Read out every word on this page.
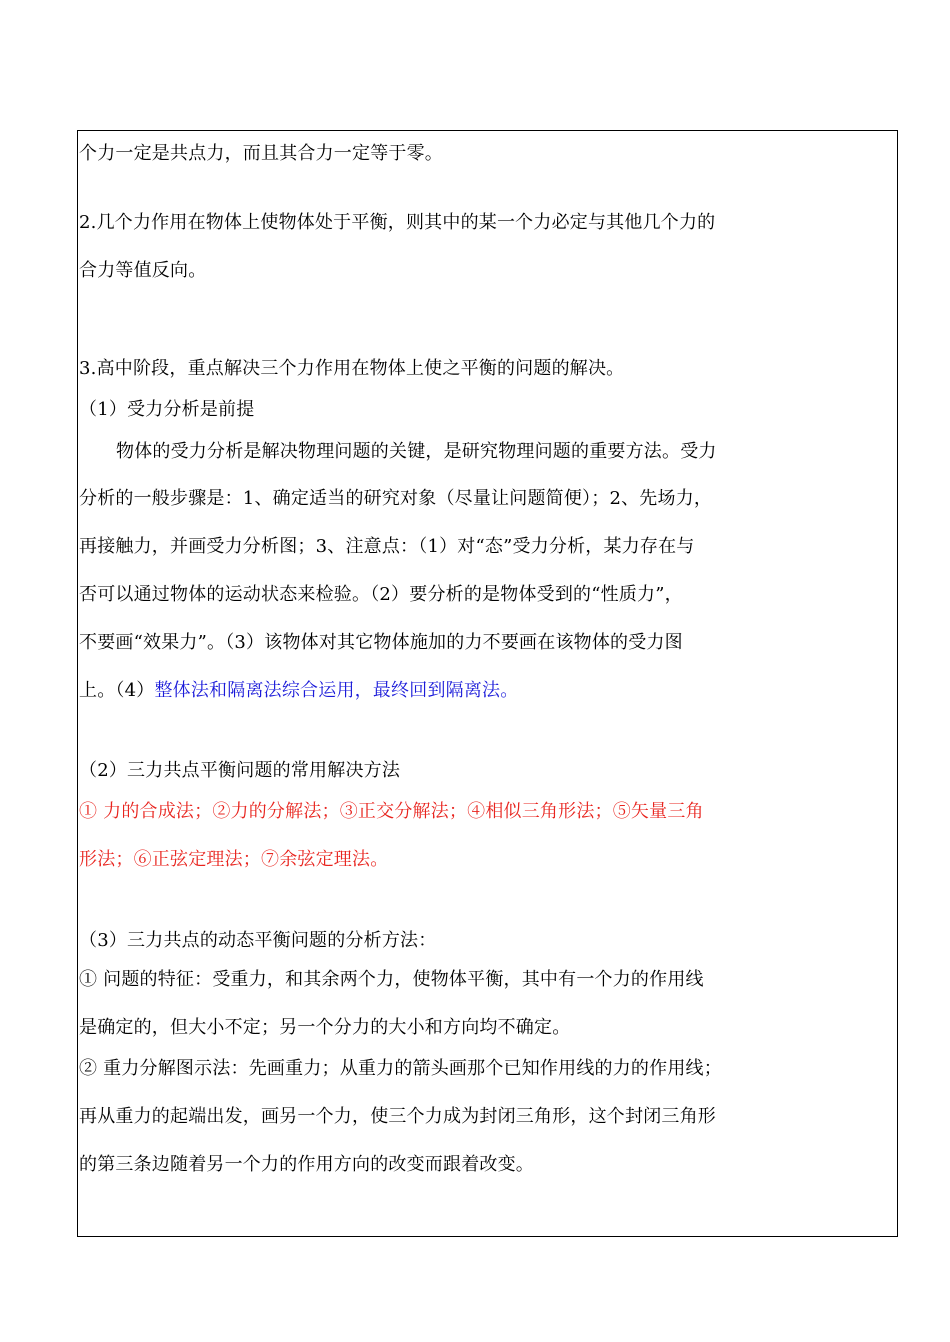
个力一定是共点力，而且其合力一定等于零。
2.几个力作用在物体上使物体处于平衡，则其中的某一个力必定与其他几个力的
合力等值反向。
3.高中阶段，重点解决三个力作用在物体上使之平衡的问题的解决。
（1）受力分析是前提
物体的受力分析是解决物理问题的关键，是研究物理问题的重要方法。受力
分析的一般步骤是：1、确定适当的研究对象（尽量让问题简便）；2、先场力，
再接触力，并画受力分析图；3、注意点：（1）对“态”受力分析，某力存在与
否可以通过物体的运动状态来检验。（2）要分析的是物体受到的“性质力”，
不要画“效果力”。（3）该物体对其它物体施加的力不要画在该物体的受力图
上。（4）整体法和隔离法综合运用，最终回到隔离法。
（2）三力共点平衡问题的常用解决方法
① 力的合成法；②力的分解法；③正交分解法；④相似三角形法；⑤矢量三角
形法；⑥正弦定理法；⑦余弦定理法。
（3）三力共点的动态平衡问题的分析方法：
① 问题的特征：受重力，和其余两个力，使物体平衡，其中有一个力的作用线
是确定的，但大小不定；另一个分力的大小和方向均不确定。
② 重力分解图示法：先画重力；从重力的箭头画那个已知作用线的力的作用线；
再从重力的起端出发，画另一个力，使三个力成为封闭三角形，这个封闭三角形
的第三条边随着另一个力的作用方向的改变而跟着改变。
